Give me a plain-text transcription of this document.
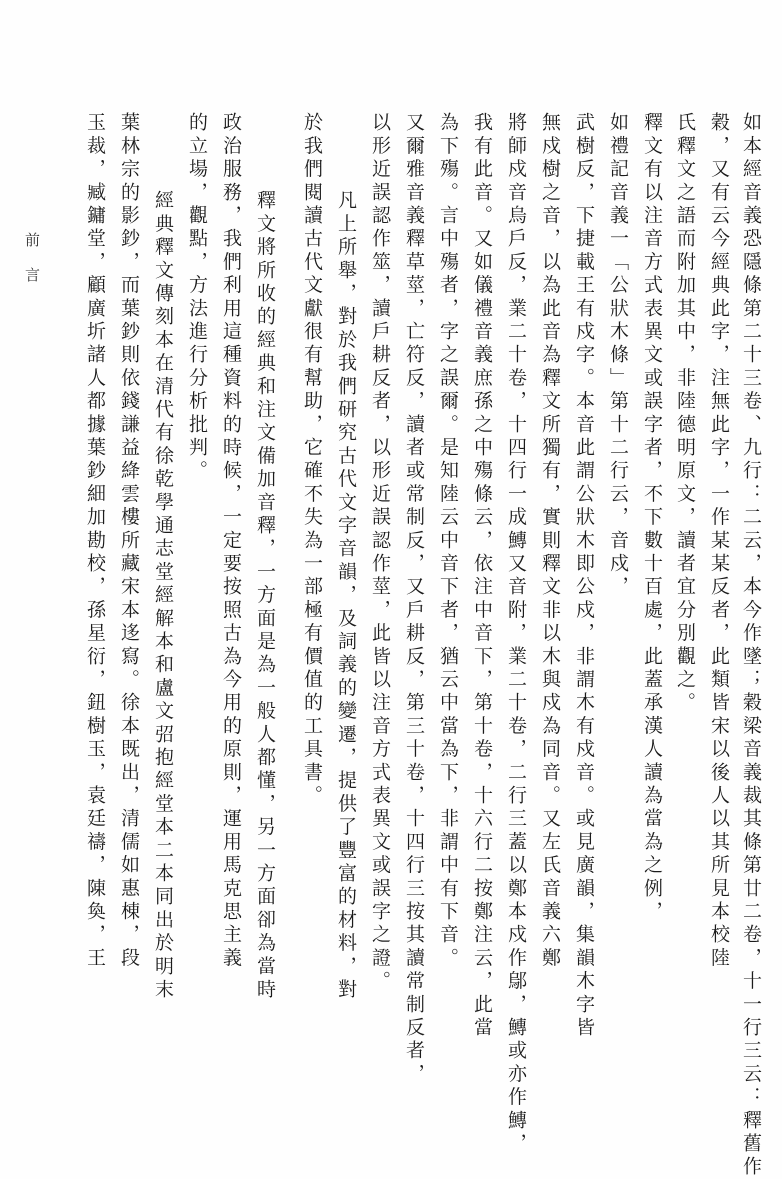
前言	如本經音義恐隱條第二十三卷、九行：二云，本今作墜；穀梁音義裁其條第廿二卷，十一行三云：釋舊作
穀，又有云今經典此字，注無此字，一作某某反者，此類皆宋以後人以其所見本校陸
氏釋文之語而附加其中，非陸德明原文，讀者宜分別觀之。
釋文有以注音方式表異文或誤字者，不下數十百處，此蓋承漢人讀為當為之例，
如禮記音義一「公狀木條」第十二行云，音戍，
武樹反，下捷載王有戍字。本音此謂公狀木即公戍，非謂木有戍音。或見廣韻，集韻木字皆
無戍樹之音，以為此音為釋文所獨有，實則釋文非以木與戍為同音。又左氏音義六鄭
將師戍音烏戶反，業二十卷，十四行一成鱄又音附，業二十卷，二行三蓋以鄭本戍作鄔，鱄或亦作鱄，
我有此音。又如儀禮音義庶孫之中殤條云，依注中音下，第十卷，十六行二按鄭注云，此當
為下殤。言中殤者，字之誤爾。是知陸云中音下者，猶云中當為下，非謂中有下音。
又爾雅音義釋草莖，亡符反，讀者或常制反，又戶耕反，第三十卷，十四行三按其讀常制反者，
以形近誤認作筮，讀戶耕反者，以形近誤認作莖，此皆以注音方式表異文或誤字之證。
凡上所舉，對於我們研究古代文字音韻，及詞義的變遷，提供了豐富的材料，對
於我們閱讀古代文獻很有幫助，它確不失為一部極有價值的工具書。
釋文將所收的經典和注文備加音釋，一方面是為一般人都懂，另一方面卻為當時
政治服務，我們利用這種資料的時候，一定要按照古為今用的原則，運用馬克思主義
的立場，觀點，方法進行分析批判。
經典釋文傳刻本在清代有徐乾學通志堂經解本和盧文弨抱經堂本二本同出於明末
葉林宗的影鈔，而葉鈔則依錢謙益絳雲樓所藏宋本迻寫。徐本既出，清儒如惠棟，段
玉裁，臧鏞堂，顧廣圻諸人都據葉鈔細加勘校，孫星衍，鈕樹玉，袁廷禱，陳奐，王
